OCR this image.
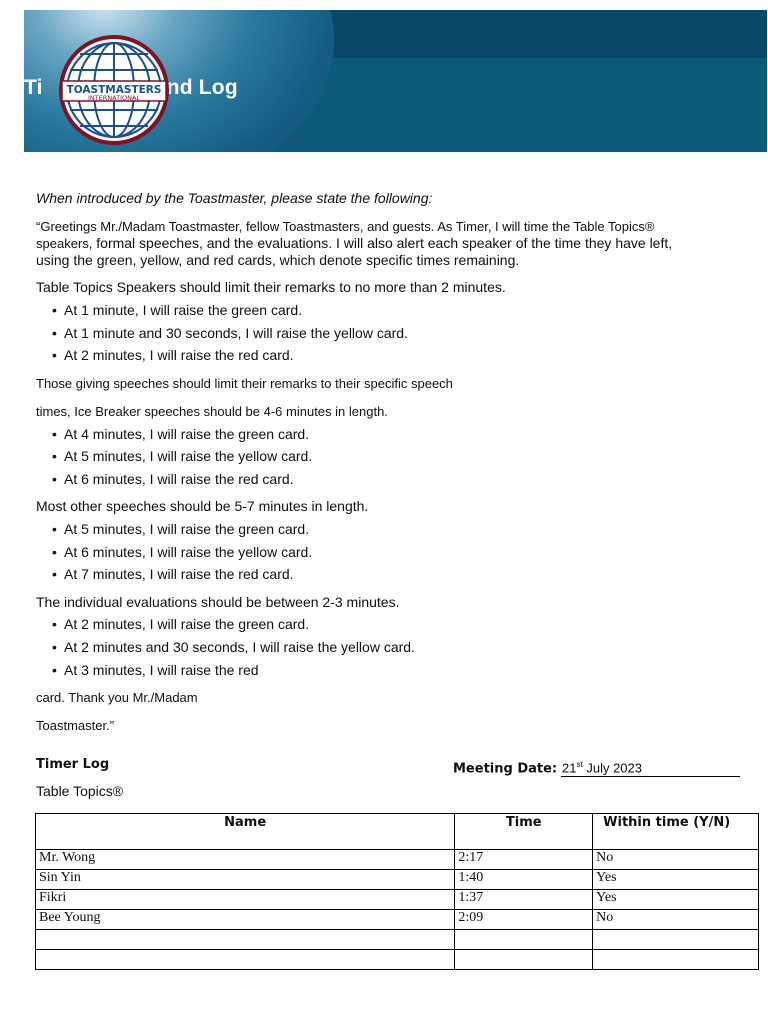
Ti	nd Log
TOASTMASTERS
INTERNATIONAL
When introduced by the Toastmaster, please state the following:
“Greetings Mr./Madam Toastmaster, fellow Toastmasters, and guests. As Timer, I will time the Table Topics®
speakers, formal speeches, and the evaluations. I will also alert each speaker of the time they have left,
using the green, yellow, and red cards, which denote specific times remaining.
Table Topics Speakers should limit their remarks to no more than 2 minutes.
• At 1 minute, I will raise the green card.
• At 1 minute and 30 seconds, I will raise the yellow card.
• At 2 minutes, I will raise the red card.
Those giving speeches should limit their remarks to their specific speech
times, Ice Breaker speeches should be 4-6 minutes in length.
• At 4 minutes, I will raise the green card.
• At 5 minutes, I will raise the yellow card.
• At 6 minutes, I will raise the red card.
Most other speeches should be 5-7 minutes in length.
• At 5 minutes, I will raise the green card.
• At 6 minutes, I will raise the yellow card.
• At 7 minutes, I will raise the red card.
The individual evaluations should be between 2-3 minutes.
• At 2 minutes, I will raise the green card.
• At 2 minutes and 30 seconds, I will raise the yellow card.
• At 3 minutes, I will raise the red
card. Thank you Mr./Madam
Toastmaster.”
Timer Log	Meeting Date: 21st July 2023
Table Topics®
Name	Time	Within time (Y/N)
Mr. Wong	2:17	No
Sin Yin	1:40	Yes
Fikri	1:37	Yes
Bee Young	2:09	No
